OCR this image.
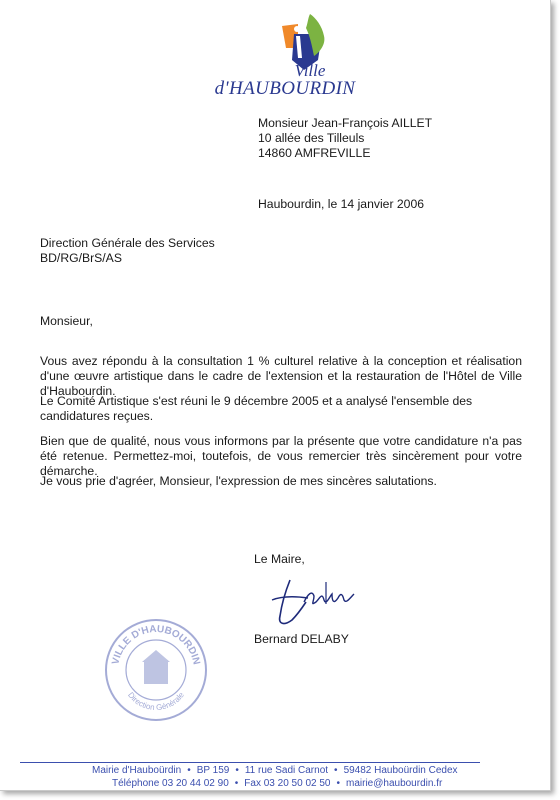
Ville
d'HAUBOURDIN
Monsieur Jean-François AILLET
10 allée des Tilleuls
14860 AMFREVILLE
Haubourdin, le 14 janvier 2006
Direction Générale des Services
BD/RG/BrS/AS
Monsieur,
Vous avez répondu à la consultation 1 % culturel relative à la conception et réalisation d'une œuvre artistique dans le cadre de l'extension et la restauration de l'Hôtel de Ville d'Haubourdin.
Le Comité Artistique s'est réuni le 9 décembre 2005 et a analysé l'ensemble des candidatures reçues.
Bien que de qualité, nous vous informons par la présente que votre candidature n'a pas été retenue. Permettez-moi, toutefois, de vous remercier très sincèrement pour votre démarche.
Je vous prie d'agréer, Monsieur, l'expression de mes sincères salutations.
Le Maire,
Bernard DELABY
VILLE D'HAUBOURDIN
Direction Générale
Mairie d'Hauboürdin • BP 159 • 11 rue Sadi Carnot • 59482 Hauboürdin Cedex
Téléphone 03 20 44 02 90 • Fax 03 20 50 02 50 • mairie@haubourdin.fr
